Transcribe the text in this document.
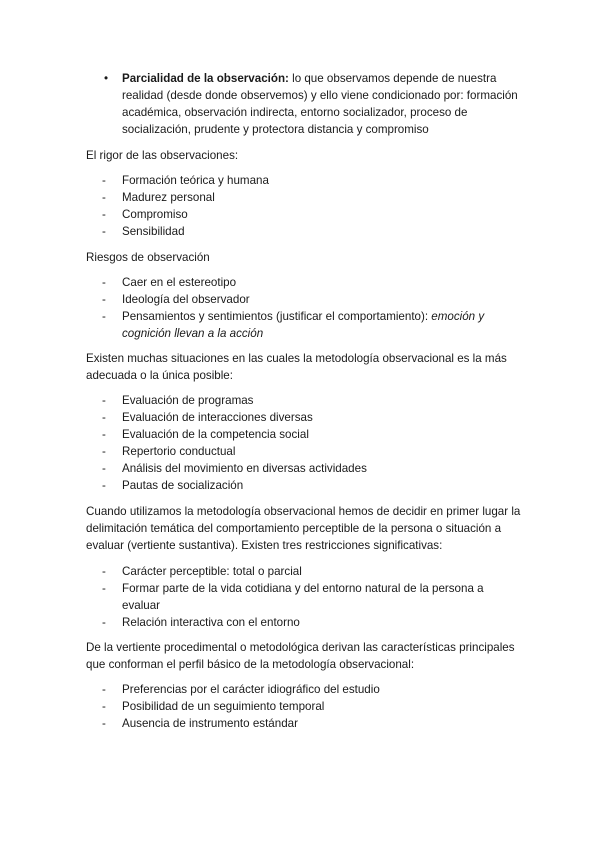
•	Parcialidad de la observación: lo que observamos depende de nuestra realidad (desde donde observemos) y ello viene condicionado por: formación académica, observación indirecta, entorno socializador, proceso de socialización, prudente y protectora distancia y compromiso

El rigor de las observaciones:

- Formación teórica y humana
- Madurez personal
- Compromiso
- Sensibilidad

Riesgos de observación

- Caer en el estereotipo
- Ideología del observador
- Pensamientos y sentimientos (justificar el comportamiento): emoción y cognición llevan a la acción

Existen muchas situaciones en las cuales la metodología observacional es la más adecuada o la única posible:

- Evaluación de programas
- Evaluación de interacciones diversas
- Evaluación de la competencia social
- Repertorio conductual
- Análisis del movimiento en diversas actividades
- Pautas de socialización

Cuando utilizamos la metodología observacional hemos de decidir en primer lugar la delimitación temática del comportamiento perceptible de la persona o situación a evaluar (vertiente sustantiva). Existen tres restricciones significativas:

- Carácter perceptible: total o parcial
- Formar parte de la vida cotidiana y del entorno natural de la persona a evaluar
- Relación interactiva con el entorno

De la vertiente procedimental o metodológica derivan las características principales que conforman el perfil básico de la metodología observacional:

- Preferencias por el carácter idiográfico del estudio
- Posibilidad de un seguimiento temporal
- Ausencia de instrumento estándar
